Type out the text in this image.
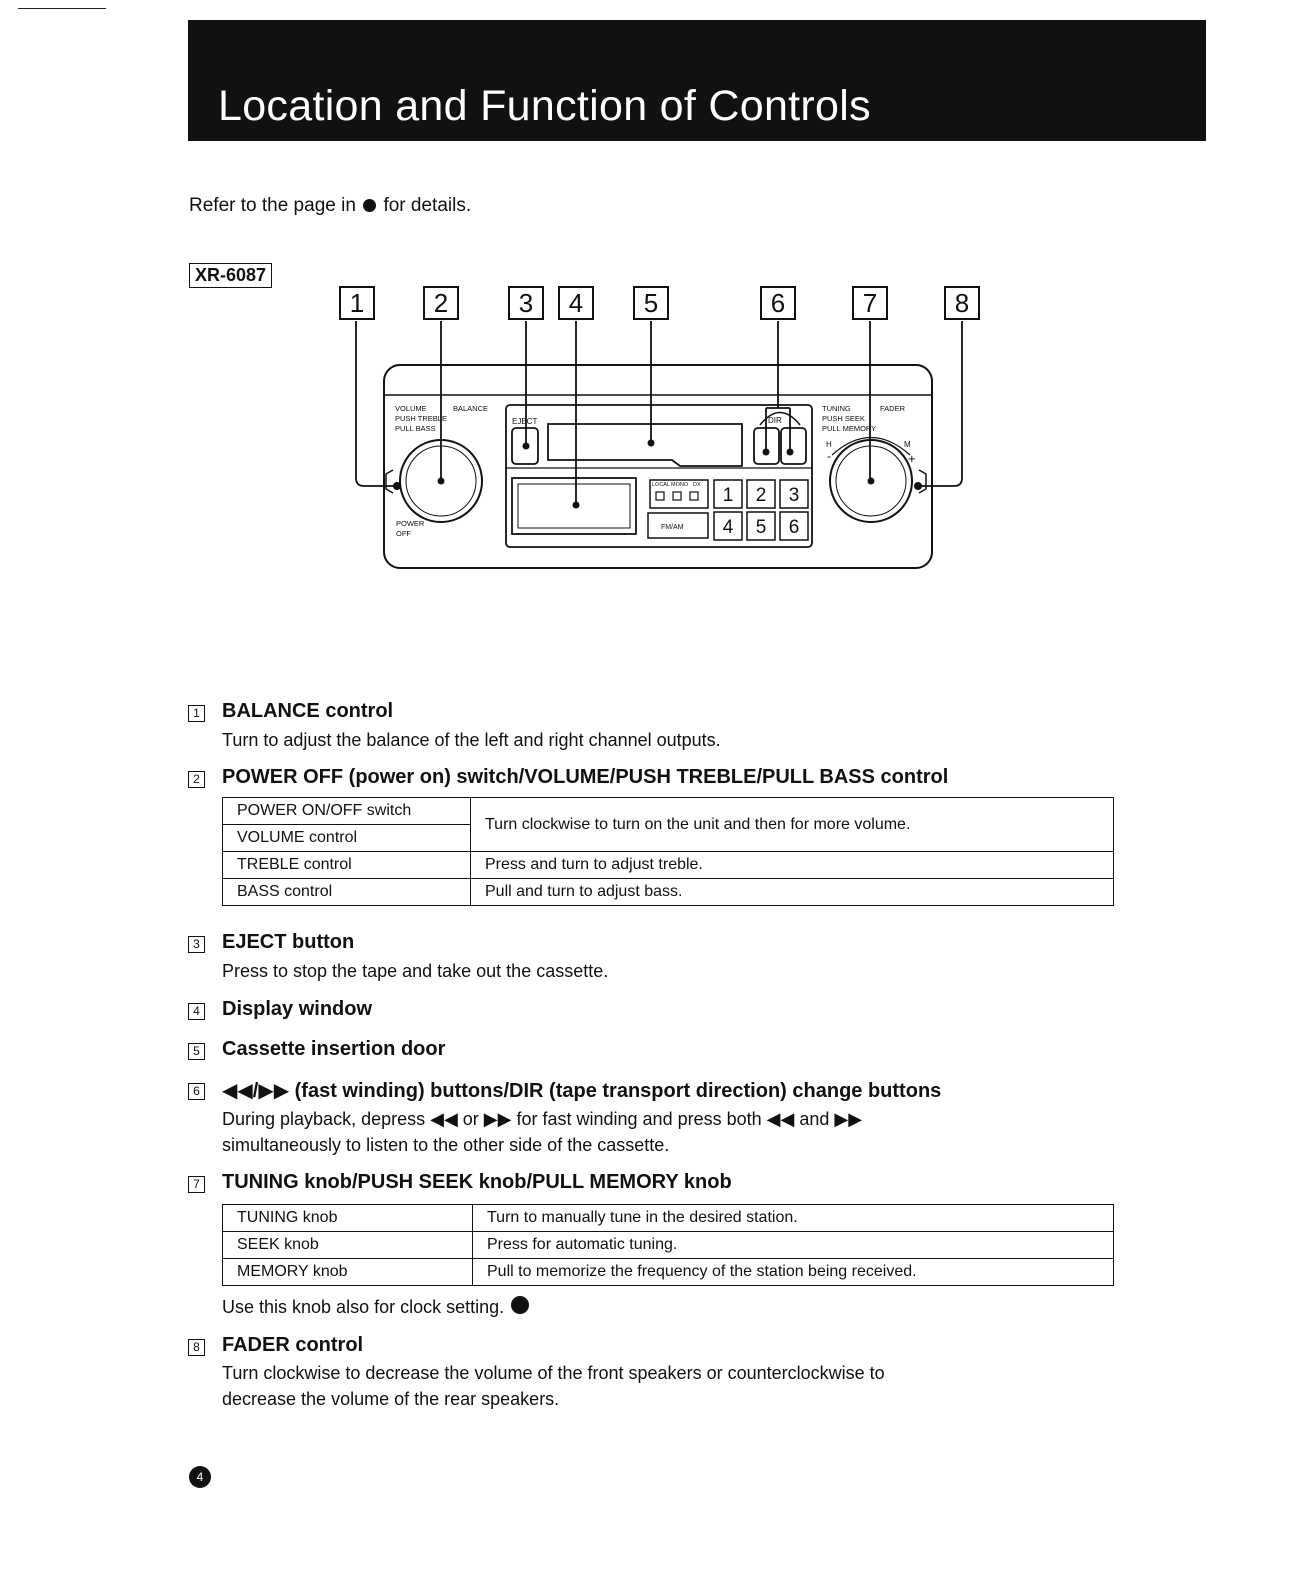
Location and Function of Controls
Refer to the page in for details.
XR-6087
1	2	3	4	5	6	7	8
VOLUME	BALANCE
PUSH TREBLE
PULL BASS
POWER
OFF
TUNING	FADER
PUSH SEEK
PULL MEMORY
LOCAL MONO DX
FM/AM
EJECT	DIR
H	M
-	+
1 2 3
4 5 6
1 BALANCE control
Turn to adjust the balance of the left and right channel outputs.
2 POWER OFF (power on) switch/VOLUME/PUSH TREBLE/PULL BASS control
POWER ON/OFF switch	Turn clockwise to turn on the unit and then for more volume.
VOLUME control	
TREBLE control	Press and turn to adjust treble.
BASS control	Pull and turn to adjust bass.
3 EJECT button
Press to stop the tape and take out the cassette.
4 Display window
5 Cassette insertion door
6 ◀◀/▶▶ (fast winding) buttons/DIR (tape transport direction) change buttons
During playback, depress ◀◀ or ▶▶ for fast winding and press both ◀◀ and ▶▶
simultaneously to listen to the other side of the cassette.
7 TUNING knob/PUSH SEEK knob/PULL MEMORY knob
TUNING knob	Turn to manually tune in the desired station.
SEEK knob	Press for automatic tuning.
MEMORY knob	Pull to memorize the frequency of the station being received.
Use this knob also for clock setting.
8 FADER control
Turn clockwise to decrease the volume of the front speakers or counterclockwise to
decrease the volume of the rear speakers.
4
